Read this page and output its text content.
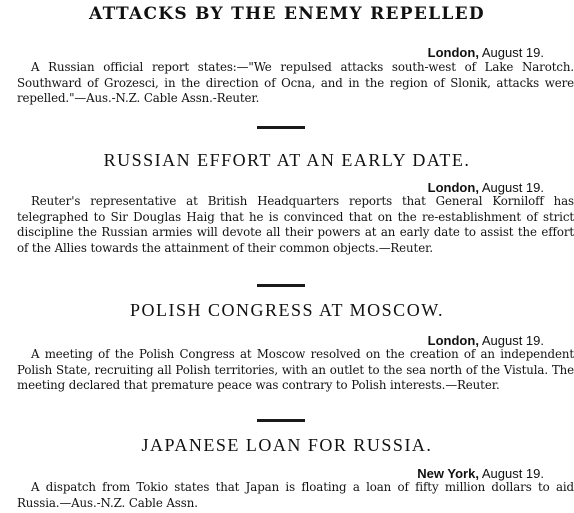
ATTACKS BY THE ENEMY REPELLED
London, August 19.

A Russian official report states:—"We repulsed attacks south-west of Lake Narotch. Southward of Grozesci, in the direction of Ocna, and in the region of Slonik, attacks were repelled."—Aus.-N.Z. Cable Assn.-Reuter.

RUSSIAN EFFORT AT AN EARLY DATE.
London, August 19.

Reuter's representative at British Headquarters reports that General Korniloff has telegraphed to Sir Douglas Haig that he is convinced that on the re-establishment of strict discipline the Russian armies will devote all their powers at an early date to assist the effort of the Allies towards the attainment of their common objects.—Reuter.

POLISH CONGRESS AT MOSCOW.
London, August 19.

A meeting of the Polish Congress at Moscow resolved on the creation of an independent Polish State, recruiting all Polish territories, with an outlet to the sea north of the Vistula. The meeting declared that premature peace was contrary to Polish interests.—Reuter.

JAPANESE LOAN FOR RUSSIA.
New York, August 19.

A dispatch from Tokio states that Japan is floating a loan of fifty million dollars to aid Russia.—Aus.-N.Z. Cable Assn.
